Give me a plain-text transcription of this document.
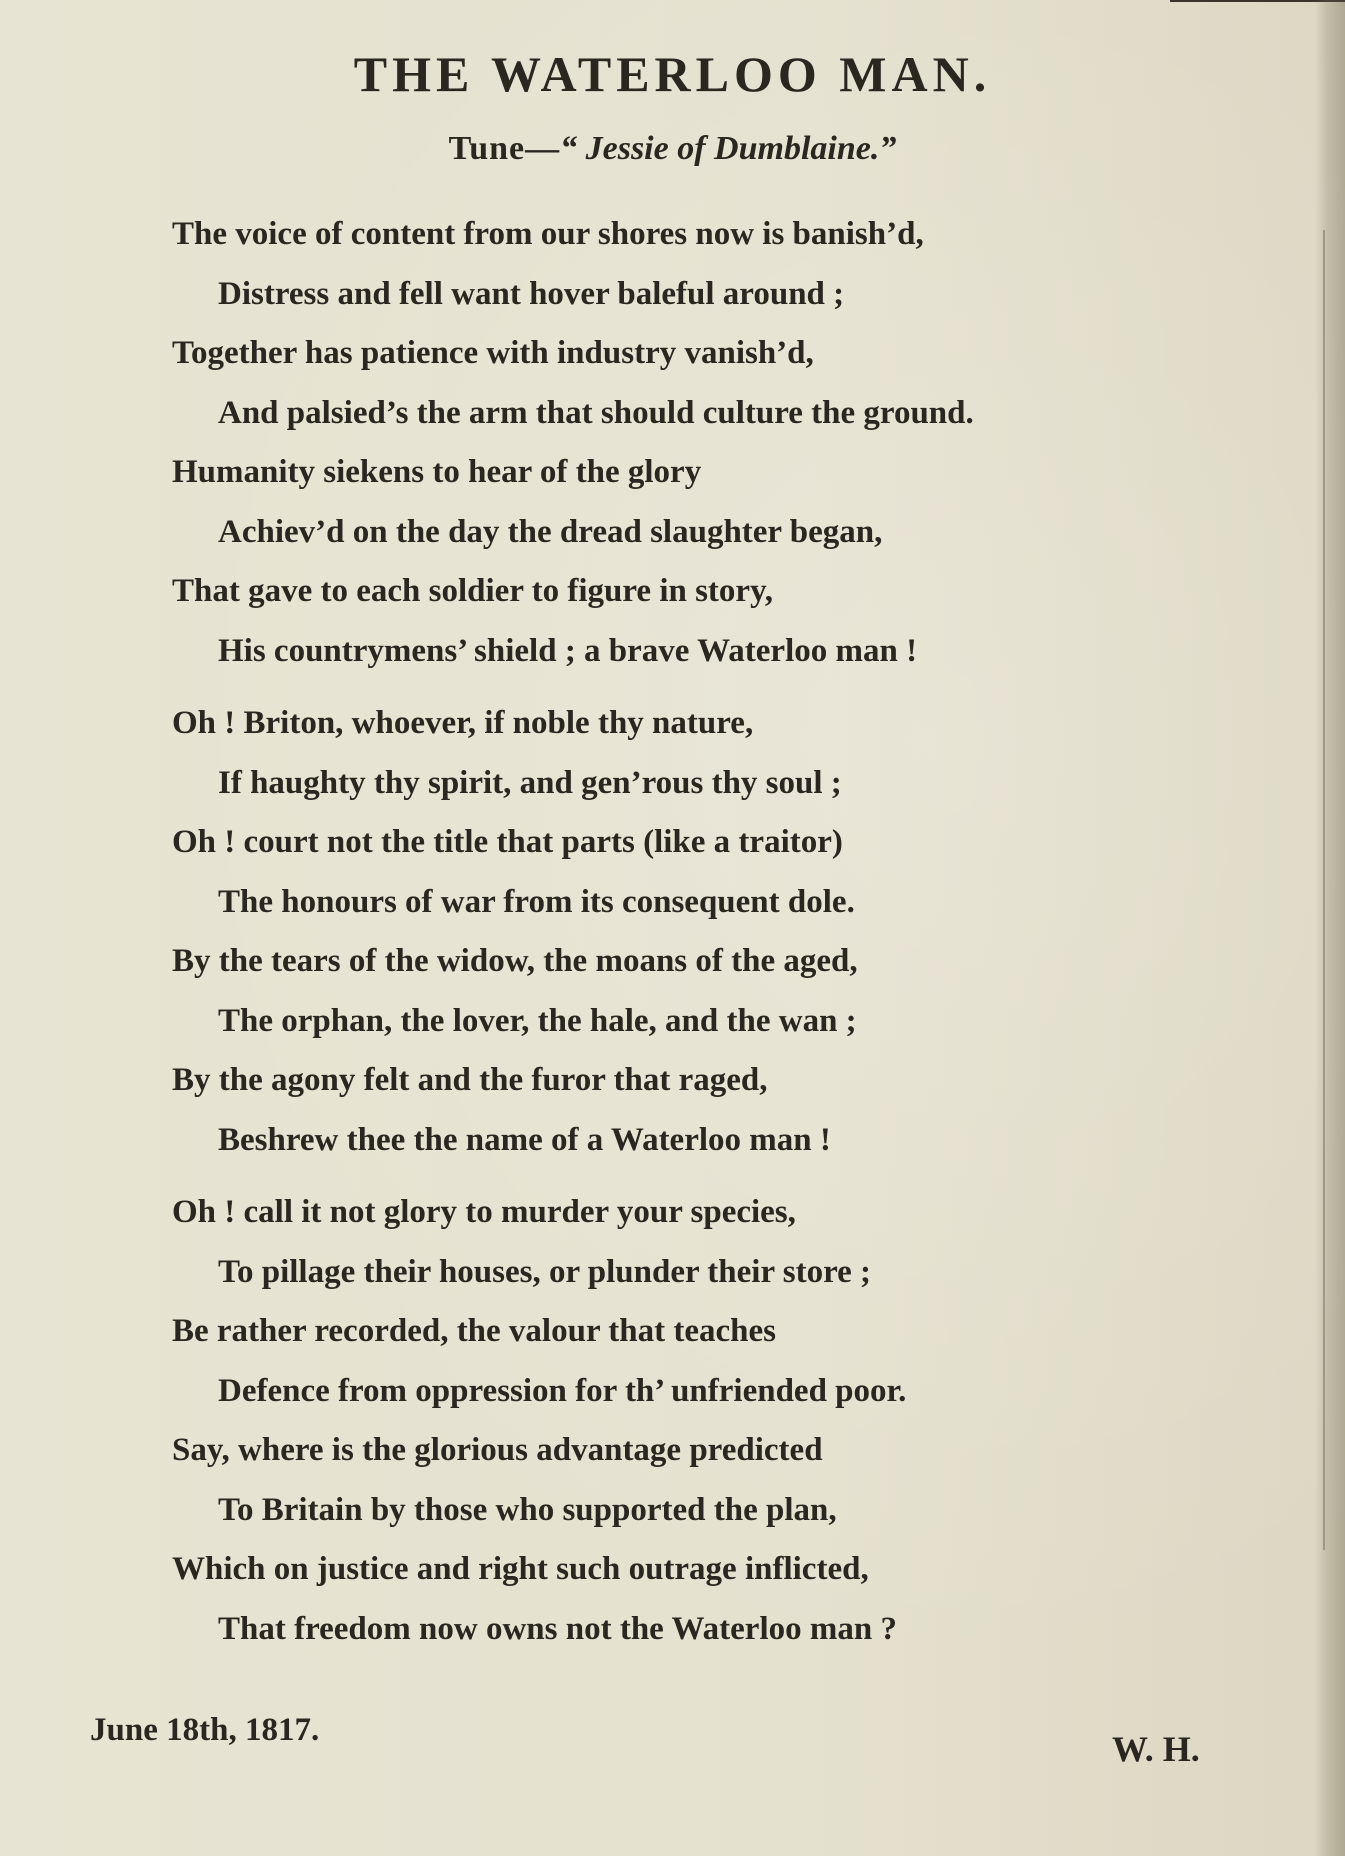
THE WATERLOO MAN.

Tune—“ Jessie of Dumblaine.”

The voice of content from our shores now is banish’d,
Distress and fell want hover baleful around ;
Together has patience with industry vanish’d,
And palsied’s the arm that should culture the ground.
Humanity siekens to hear of the glory
Achiev’d on the day the dread slaughter began,
That gave to each soldier to figure in story,
His countrymens’ shield ; a brave Waterloo man !
Oh ! Briton, whoever, if noble thy nature,
If haughty thy spirit, and gen’rous thy soul ;
Oh ! court not the title that parts (like a traitor)
The honours of war from its consequent dole.
By the tears of the widow, the moans of the aged,
The orphan, the lover, the hale, and the wan ;
By the agony felt and the furor that raged,
Beshrew thee the name of a Waterloo man !
Oh ! call it not glory to murder your species,
To pillage their houses, or plunder their store ;
Be rather recorded, the valour that teaches
Defence from oppression for th’ unfriended poor.
Say, where is the glorious advantage predicted
To Britain by those who supported the plan,
Which on justice and right such outrage inflicted,
That freedom now owns not the Waterloo man ?

June 18th, 1817.	W. H.
